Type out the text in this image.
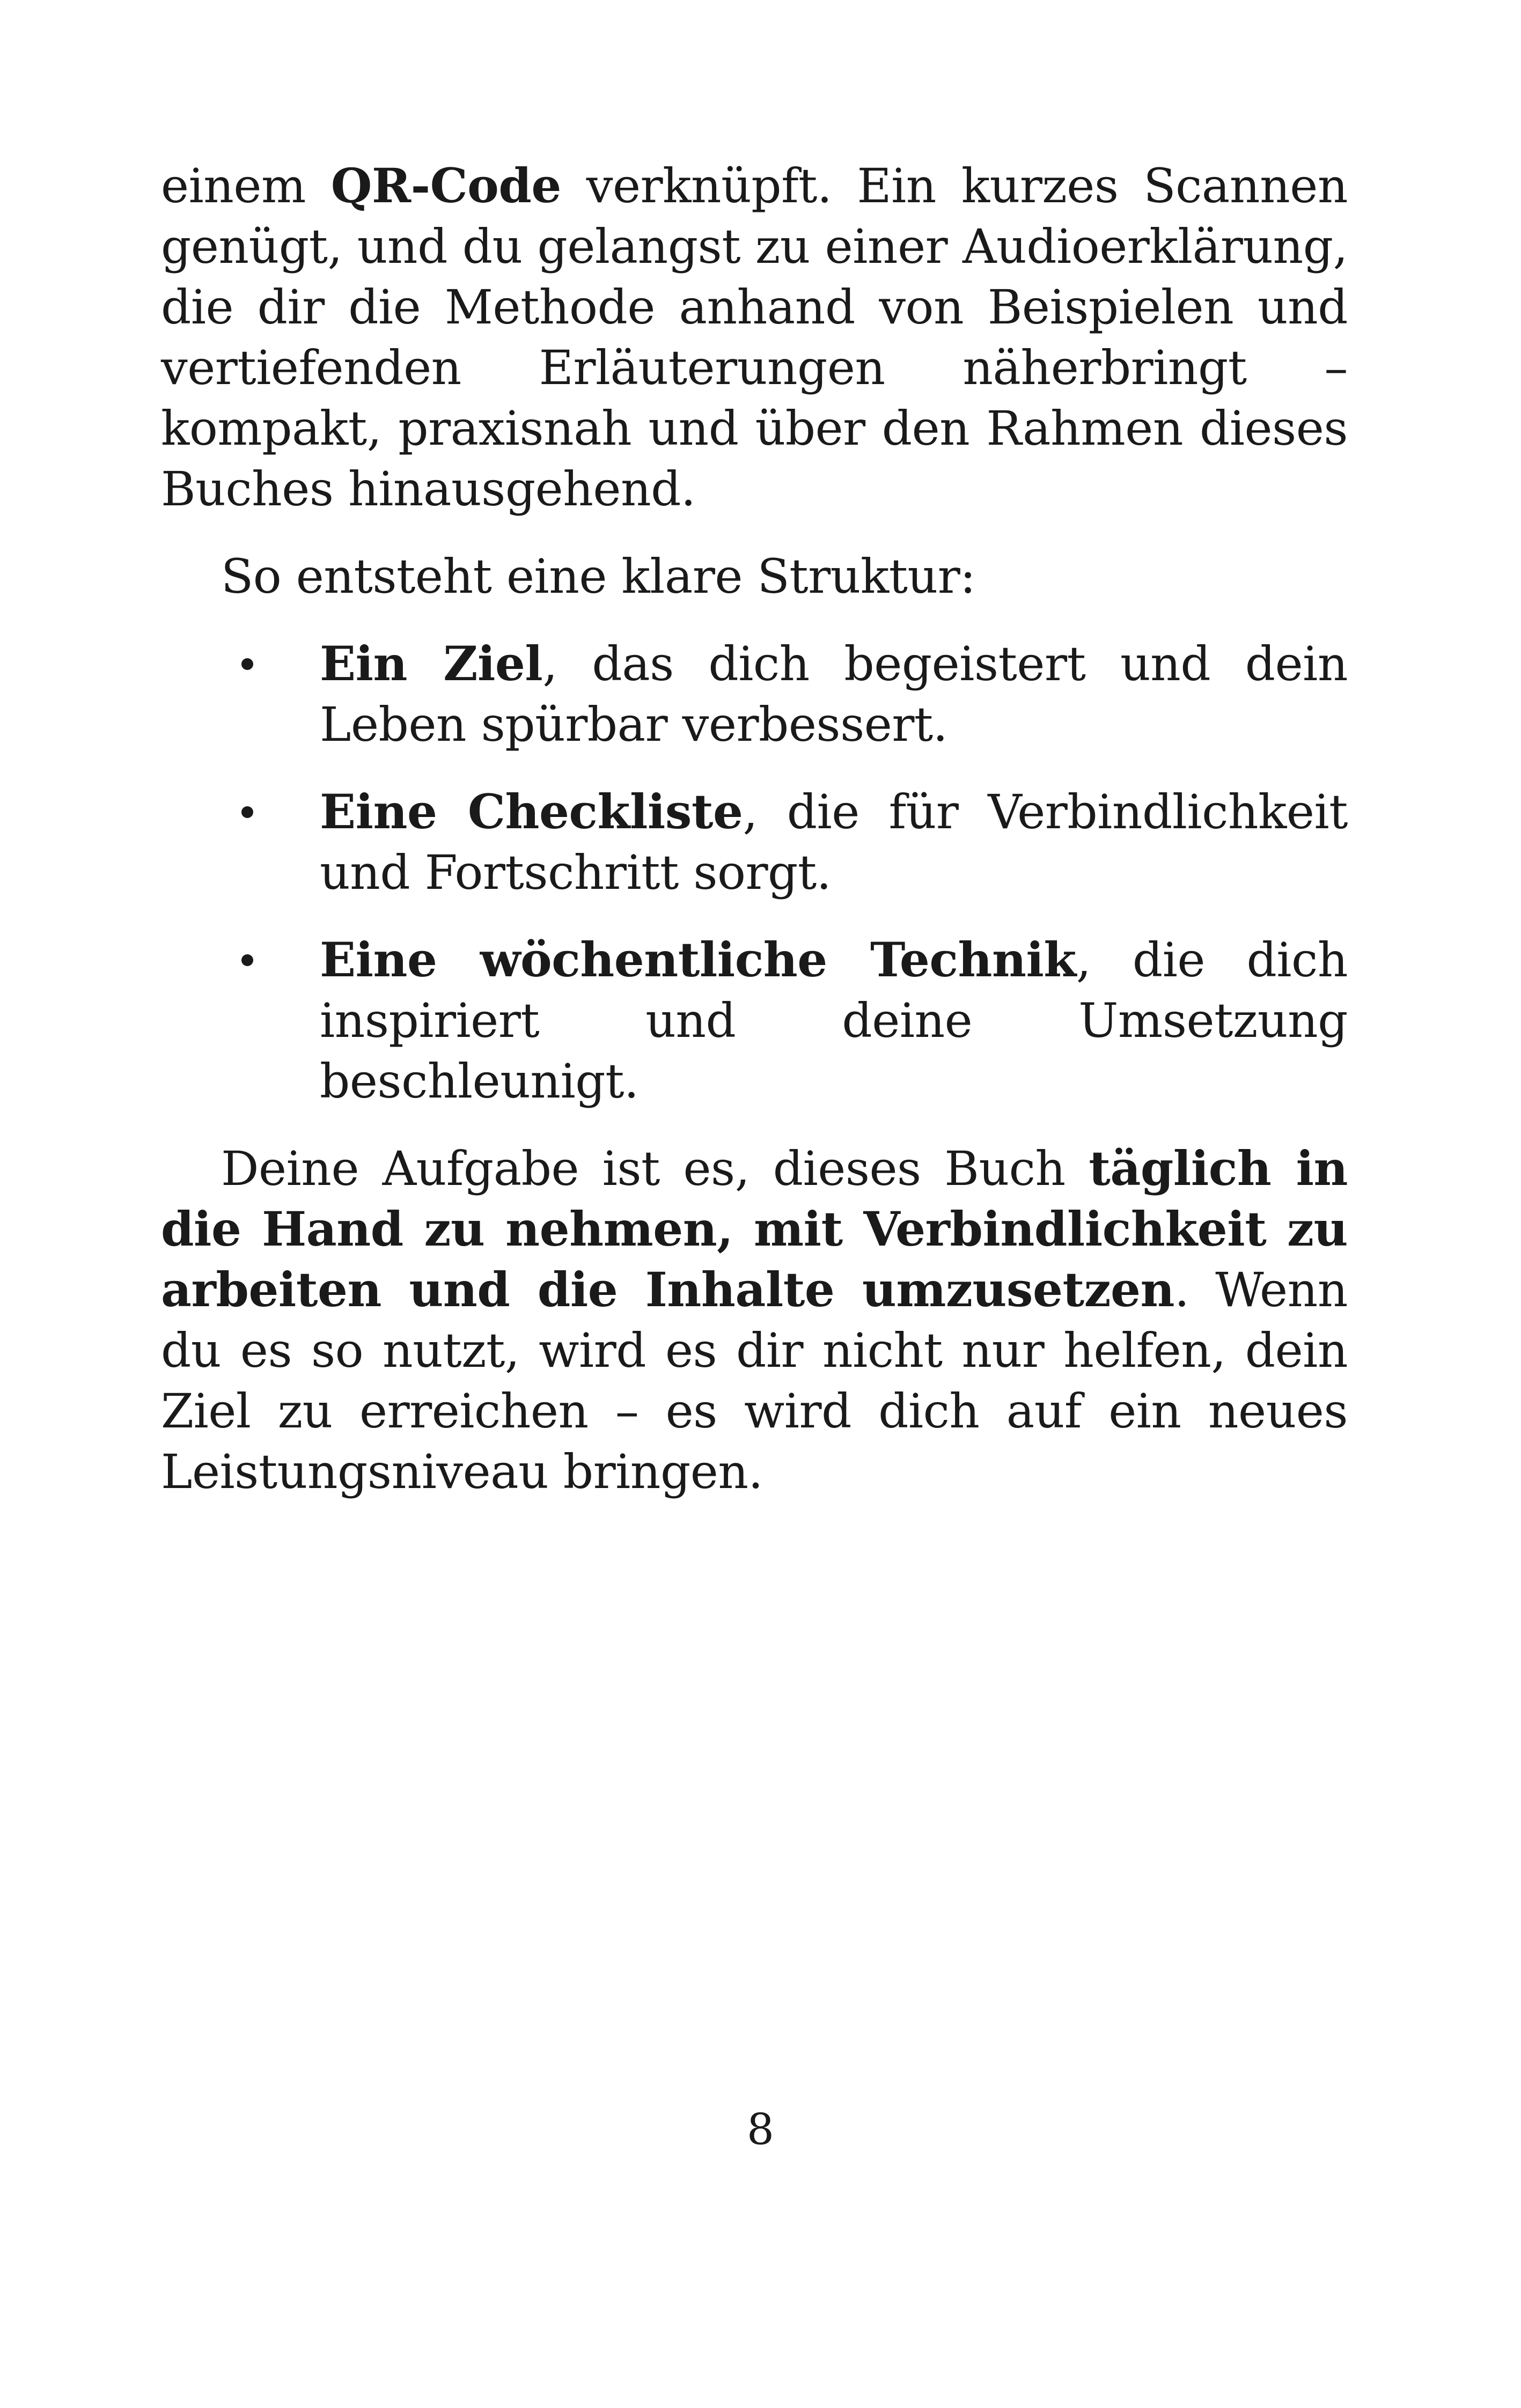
einem QR-Code verknüpft. Ein kurzes Scannen genügt, und du gelangst zu einer Audioerklärung, die dir die Methode anhand von Beispielen und vertiefenden Erläuterungen näherbringt – kompakt, praxisnah und über den Rahmen dieses Buches hinausgehend.

So entsteht eine klare Struktur:

Ein Ziel, das dich begeistert und dein Leben spürbar verbessert.
Eine Checkliste, die für Verbindlichkeit und Fortschritt sorgt.
Eine wöchentliche Technik, die dich inspiriert und deine Umsetzung beschleunigt.

Deine Aufgabe ist es, dieses Buch täglich in die Hand zu nehmen, mit Verbindlichkeit zu arbeiten und die Inhalte umzusetzen. Wenn du es so nutzt, wird es dir nicht nur helfen, dein Ziel zu erreichen – es wird dich auf ein neues Leistungsniveau bringen.

8
